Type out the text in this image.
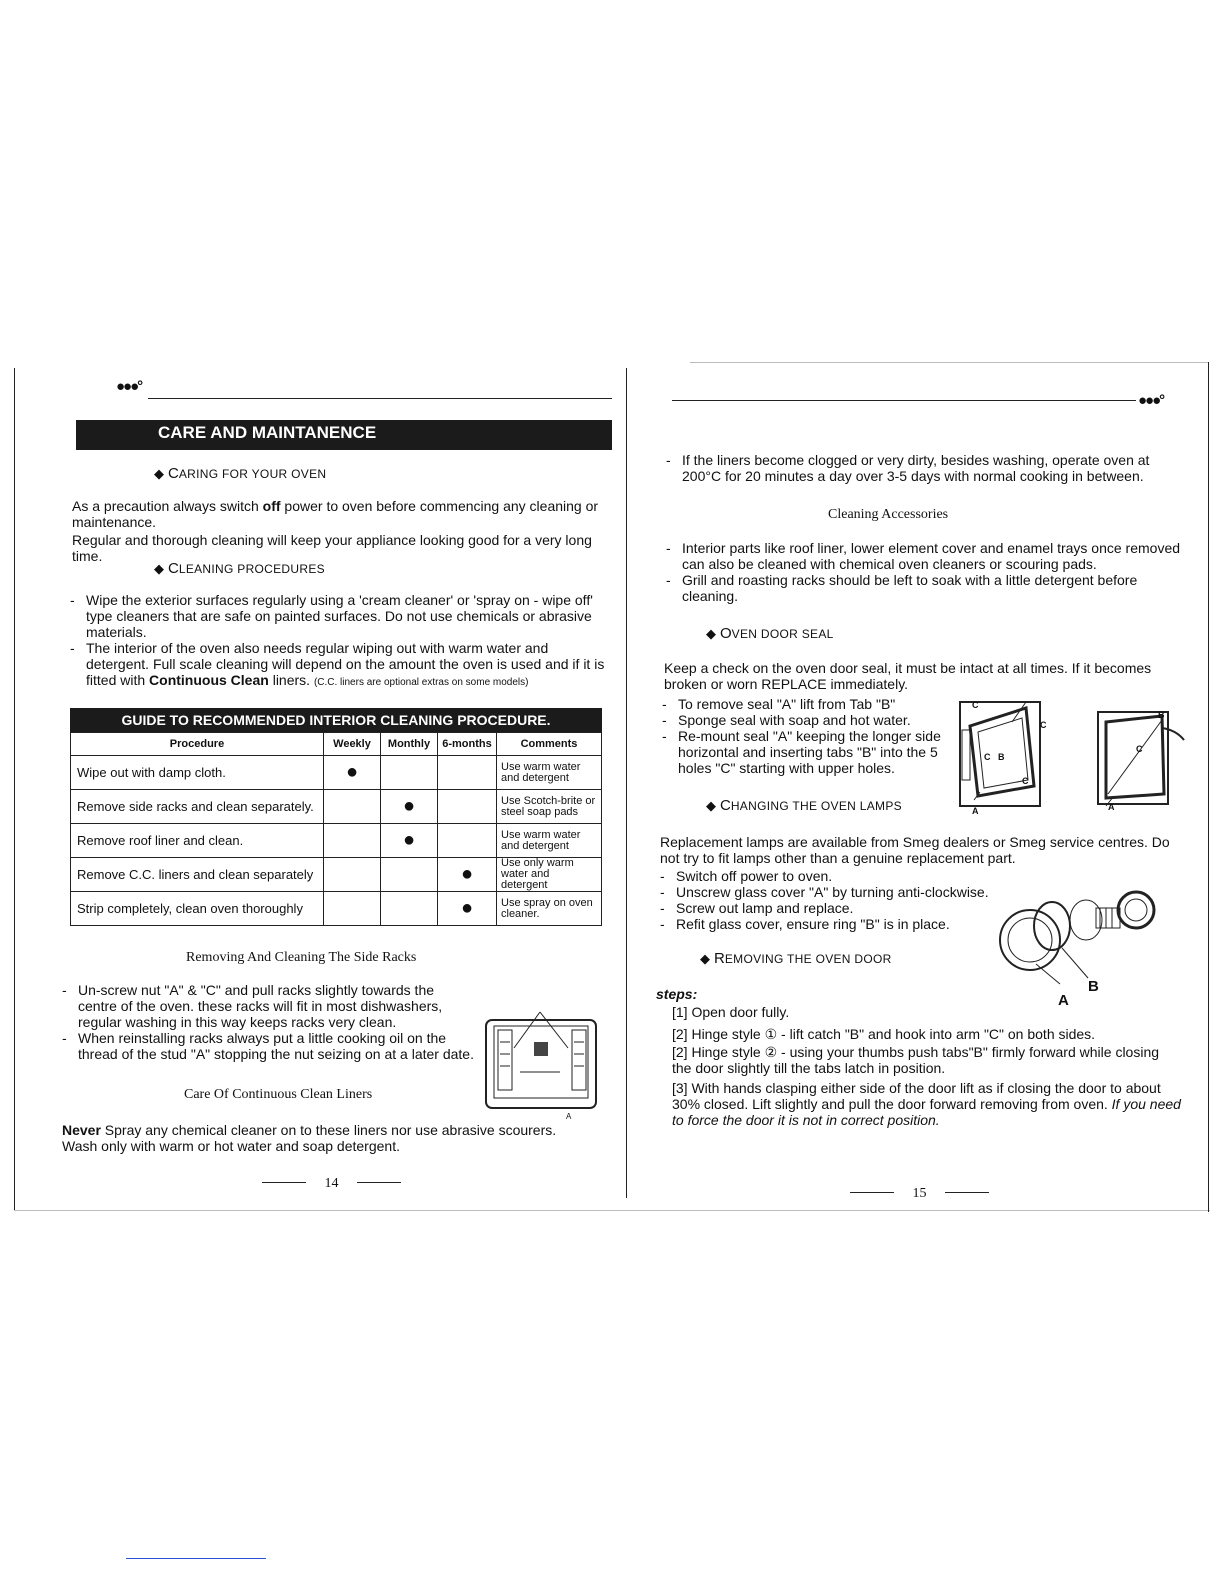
●●●°
CARE AND MAINTANENCE
◆ CARING FOR YOUR OVEN
As a precaution always switch off power to oven before commencing any cleaning or maintenance.
Regular and thorough cleaning will keep your appliance looking good for a very long time.
◆ CLEANING PROCEDURES
- Wipe the exterior surfaces regularly using a 'cream cleaner' or 'spray on - wipe off' type cleaners that are safe on painted surfaces. Do not use chemicals or abrasive materials.
- The interior of the oven also needs regular wiping out with warm water and detergent. Full scale cleaning will depend on the amount the oven is used and if it is fitted with Continuous Clean liners. (C.C. liners are optional extras on some models)
GUIDE TO RECOMMENDED INTERIOR CLEANING PROCEDURE.
Procedure	Weekly	Monthly	6-months	Comments
Wipe out with damp cloth.	●			Use warm water and detergent
Remove side racks and clean separately.		●		Use Scotch-brite or steel soap pads
Remove roof liner and clean.		●		Use warm water and detergent
Remove C.C. liners and clean separately			●	Use only warm water and detergent
Strip completely, clean oven thoroughly			●	Use spray on oven cleaner.
Removing And Cleaning The Side Racks
- Un-screw nut "A" & "C" and pull racks slightly towards the centre of the oven. these racks will fit in most dishwashers, regular washing in this way keeps racks very clean.
- When reinstalling racks always put a little cooking oil on the thread of the stud "A" stopping the nut seizing on at a later date.
A
Care Of Continuous Clean Liners
Never Spray any chemical cleaner on to these liners nor use abrasive scourers. Wash only with warm or hot water and soap detergent.
14
●●●°
- If the liners become clogged or very dirty, besides washing, operate oven at 200°C for 20 minutes a day over 3-5 days with normal cooking in between.
Cleaning Accessories
- Interior parts like roof liner, lower element cover and enamel trays once removed can also be cleaned with chemical oven cleaners or scouring pads.
- Grill and roasting racks should be left to soak with a little detergent before cleaning.
◆ OVEN DOOR SEAL
Keep a check on the oven door seal, it must be intact at all times. If it becomes broken or worn REPLACE immediately.
- To remove seal "A" lift from Tab "B"
- Sponge seal with soap and hot water.
- Re-mount seal "A" keeping the longer side horizontal and inserting tabs "B" into the 5 holes "C" starting with upper holes.
C
C
C B
C
A
B
C
A
◆ CHANGING THE OVEN LAMPS
Replacement lamps are available from Smeg dealers or Smeg service centres. Do not try to fit lamps other than a genuine replacement part.
- Switch off power to oven.
- Unscrew glass cover "A" by turning anti-clockwise.
- Screw out lamp and replace.
- Refit glass cover, ensure ring "B" is in place.
A
B
◆ REMOVING THE OVEN DOOR
steps:
[1] Open door fully.
[2] Hinge style ① - lift catch "B" and hook into arm "C" on both sides.
[2] Hinge style ② - using your thumbs push tabs"B" firmly forward while closing the door slightly till the tabs latch in position.
[3] With hands clasping either side of the door lift as if closing the door to about 30% closed. Lift slightly and pull the door forward removing from oven. If you need to force the door it is not in correct position.
15
